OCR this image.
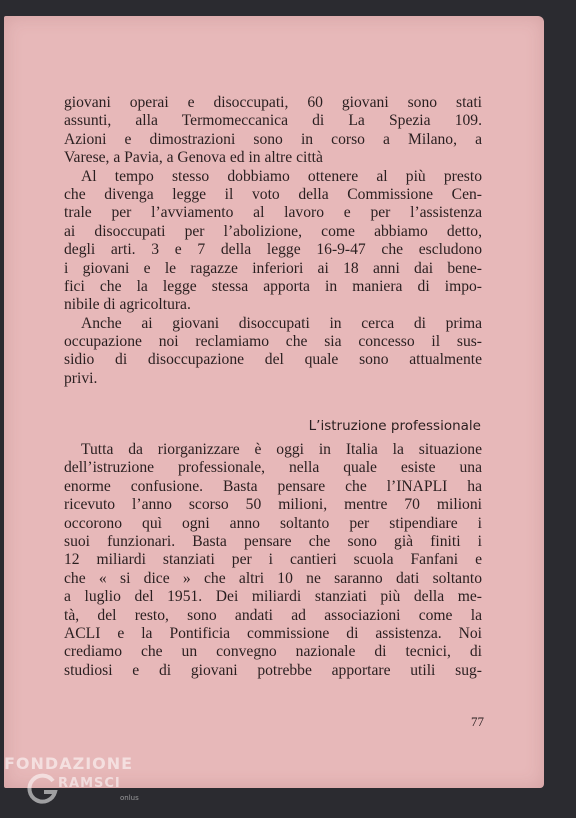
giovani operai e disoccupati, 60 giovani sono stati
assunti, alla Termomeccanica di La Spezia 109.
Azioni e dimostrazioni sono in corso a Milano, a
Varese, a Pavia, a Genova ed in altre città
Al tempo stesso dobbiamo ottenere al più presto
che divenga legge il voto della Commissione Cen-
trale per l’avviamento al lavoro e per l’assistenza
ai disoccupati per l’abolizione, come abbiamo detto,
degli arti. 3 e 7 della legge 16-9-47 che escludono
i giovani e le ragazze inferiori ai 18 anni dai bene-
fici che la legge stessa apporta in maniera di impo-
nibile di agricoltura.
Anche ai giovani disoccupati in cerca di prima
occupazione noi reclamiamo che sia concesso il sus-
sidio di disoccupazione del quale sono attualmente
privi.
L’istruzione professionale
Tutta da riorganizzare è oggi in Italia la situazione
dell’istruzione professionale, nella quale esiste una
enorme confusione. Basta pensare che l’INAPLI ha
ricevuto l’anno scorso 50 milioni, mentre 70 milioni
occorono quì ogni anno soltanto per stipendiare i
suoi funzionari. Basta pensare che sono già finiti i
12 miliardi stanziati per i cantieri scuola Fanfani e
che « si dice » che altri 10 ne saranno dati soltanto
a luglio del 1951. Dei miliardi stanziati più della me-
tà, del resto, sono andati ad associazioni come la
ACLI e la Pontificia commissione di assistenza. Noi
crediamo che un convegno nazionale di tecnici, di
studiosi e di giovani potrebbe apportare utili sug-
77
FONDAZIONE
RAMSCI
onlus
